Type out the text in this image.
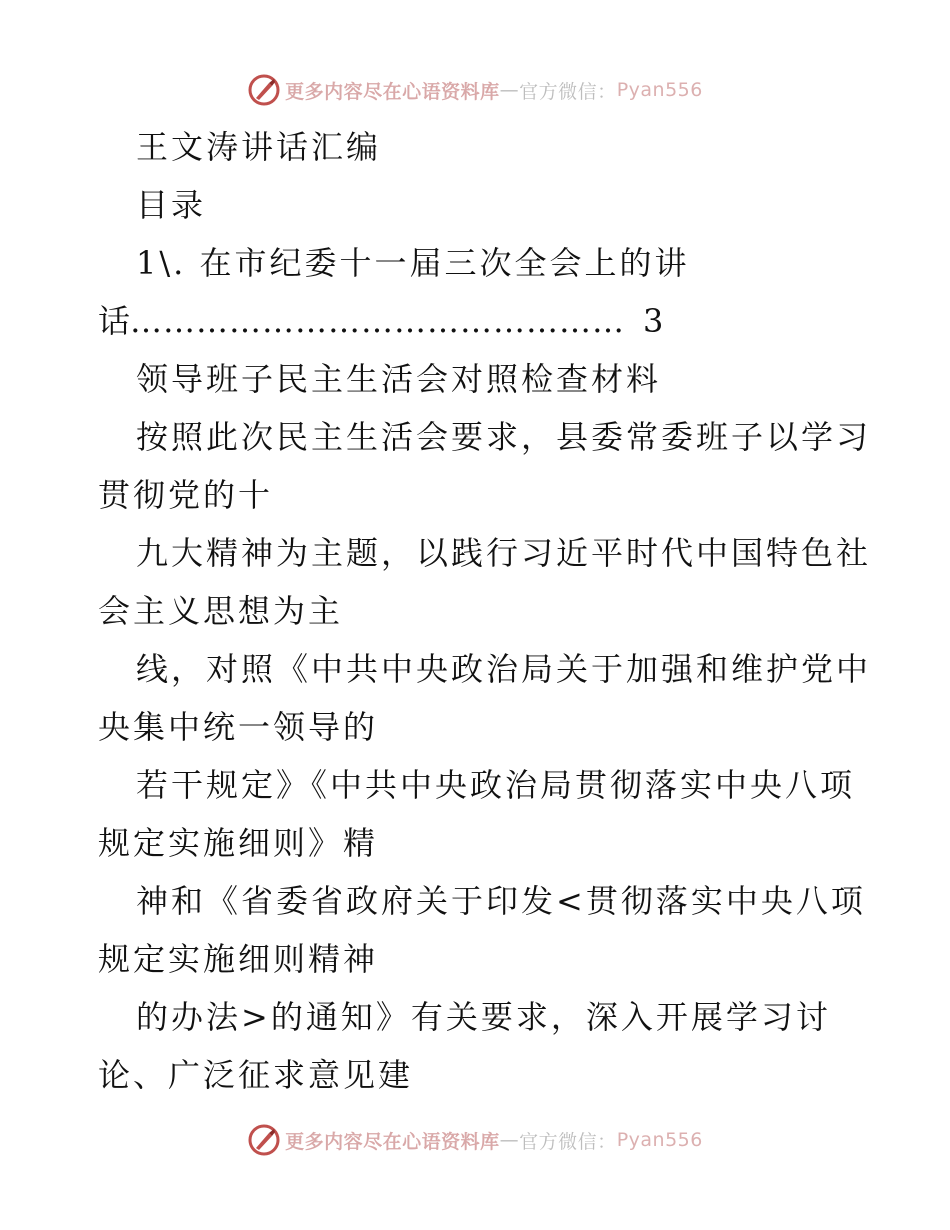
更多内容尽在心语资料库 — 官方微信： Pyan556
王文涛讲话汇编
目录
1\. 在市纪委十一届三次全会上的讲
话……………………………………… 3
领导班子民主生活会对照检查材料
按照此次民主生活会要求，县委常委班子以学习
贯彻党的十
九大精神为主题，以践行习近平时代中国特色社
会主义思想为主
线，对照《中共中央政治局关于加强和维护党中
央集中统一领导的
若干规定》《中共中央政治局贯彻落实中央八项
规定实施细则》精
神和《省委省政府关于印发<贯彻落实中央八项
规定实施细则精神
的办法>的通知》有关要求，深入开展学习讨
论、广泛征求意见建
更多内容尽在心语资料库 — 官方微信： Pyan556
